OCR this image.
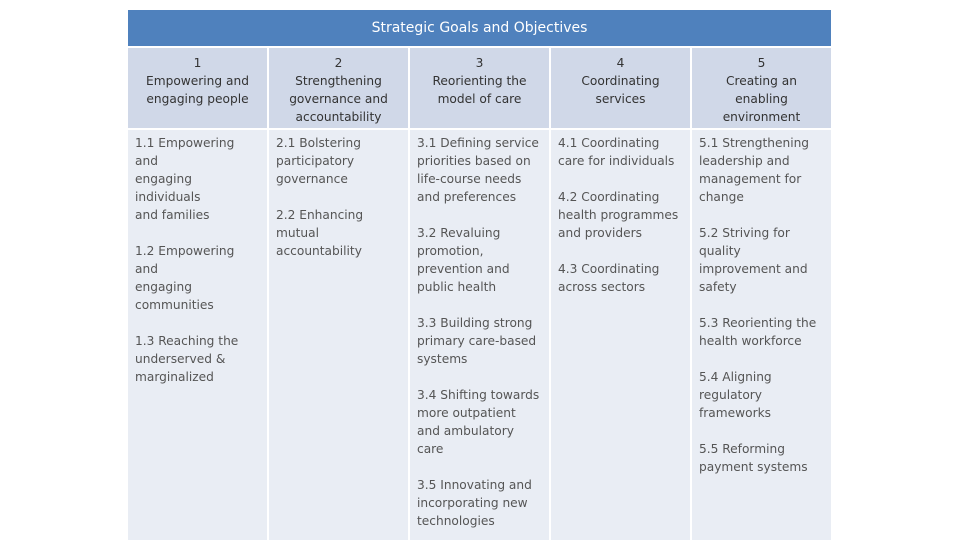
Strategic Goals and Objectives
1
Empowering and
engaging people
1.1 Empowering and
engaging individuals
and families
1.2 Empowering and
engaging
communities
1.3 Reaching the
underserved &
marginalized
2
Strengthening
governance and
accountability
2.1 Bolstering
participatory
governance
2.2 Enhancing
mutual
accountability
3
Reorienting the
model of care
3.1 Defining service
priorities based on
life-course needs
and preferences
3.2 Revaluing
promotion,
prevention and
public health
3.3 Building strong
primary care-based
systems
3.4 Shifting towards
more outpatient
and ambulatory care
3.5 Innovating and
incorporating new
technologies
4
Coordinating
services
4.1 Coordinating
care for individuals
4.2 Coordinating
health programmes
and providers
4.3 Coordinating
across sectors
5
Creating an
enabling
environment
5.1 Strengthening
leadership and
management for
change
5.2 Striving for
quality
improvement and
safety
5.3 Reorienting the
health workforce
5.4 Aligning
regulatory
frameworks
5.5 Reforming
payment systems
